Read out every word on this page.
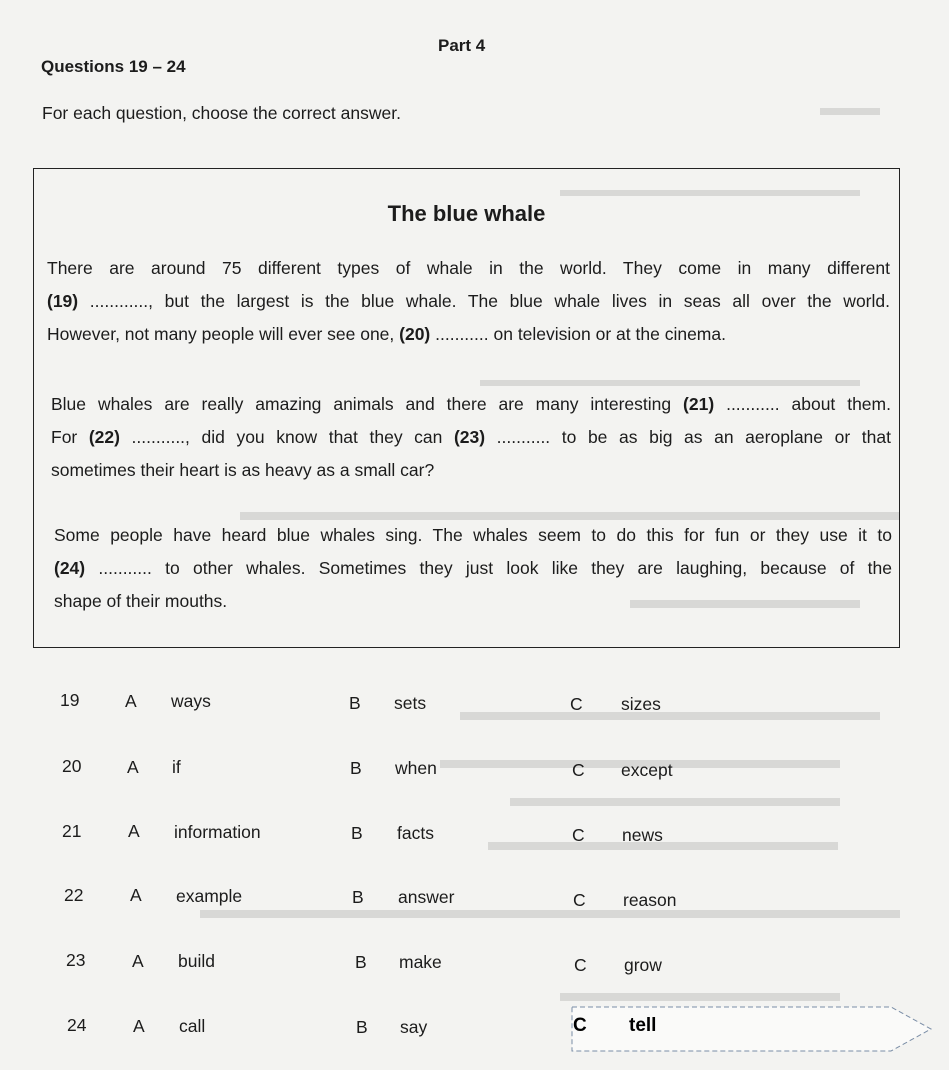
Part 4
Questions 19 – 24
For each question, choose the correct answer.
The blue whale
There are around 75 different types of whale in the world. They come in many different
(19) ............, but the largest is the blue whale. The blue whale lives in seas all over the world.
However, not many people will ever see one, (20) ........... on television or at the cinema.
Blue whales are really amazing animals and there are many interesting (21) ........... about them.
For (22) ..........., did you know that they can (23) ........... to be as big as an aeroplane or that
sometimes their heart is as heavy as a small car?
Some people have heard blue whales sing. The whales seem to do this for fun or they use it to
(24) ........... to other whales. Sometimes they just look like they are laughing, because of the
shape of their mouths.
19	A ways	B sets	C sizes
20	A if	B when	C except
21	A information	B facts	C news
22	A example	B answer	C reason
23	A build	B make	C grow
24	A call	B say	C tell
